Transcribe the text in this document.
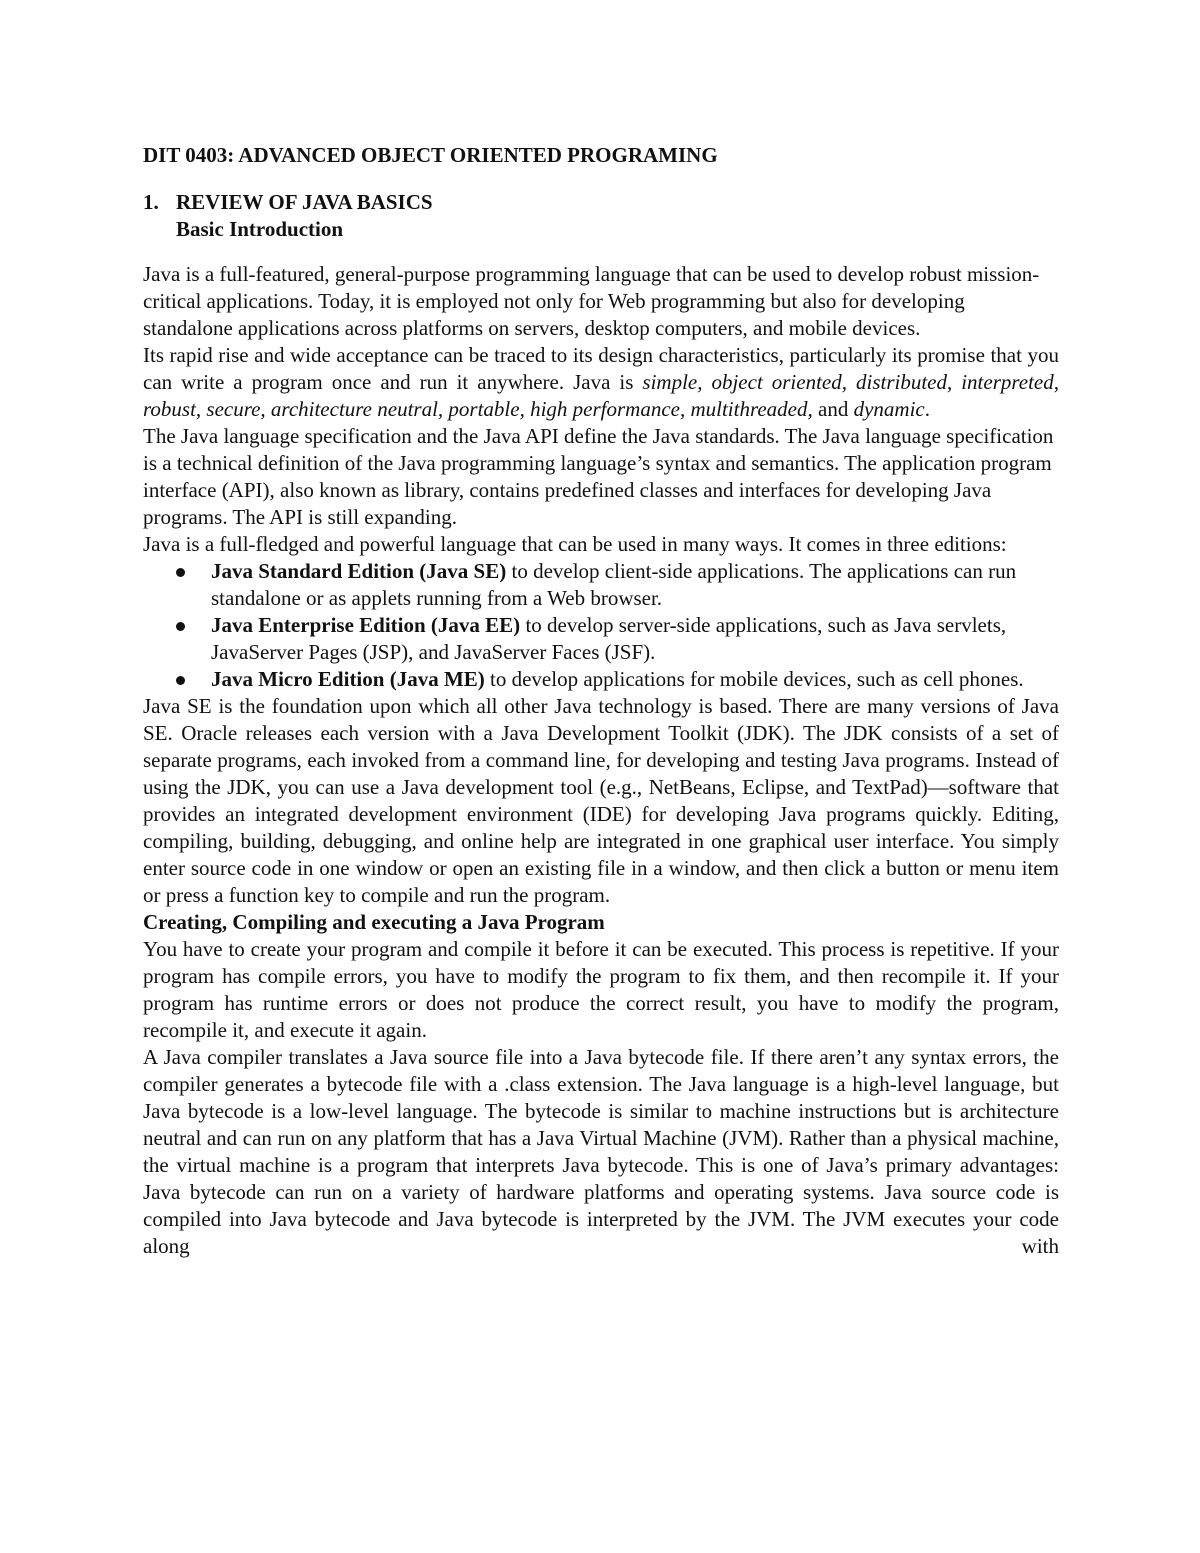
DIT 0403: ADVANCED OBJECT ORIENTED PROGRAMING

1. REVIEW OF JAVA BASICS

Basic Introduction

Java is a full-featured, general-purpose programming language that can be used to develop robust mission-critical applications. Today, it is employed not only for Web programming but also for developing standalone applications across platforms on servers, desktop computers, and mobile devices.

Its rapid rise and wide acceptance can be traced to its design characteristics, particularly its promise that you can write a program once and run it anywhere. Java is simple, object oriented, distributed, interpreted, robust, secure, architecture neutral, portable, high performance, multithreaded, and dynamic.

The Java language specification and the Java API define the Java standards. The Java language specification is a technical definition of the Java programming language’s syntax and semantics. The application program interface (API), also known as library, contains predefined classes and interfaces for developing Java programs. The API is still expanding.

Java is a full-fledged and powerful language that can be used in many ways. It comes in three editions:

Java Standard Edition (Java SE) to develop client-side applications. The applications can run standalone or as applets running from a Web browser.
Java Enterprise Edition (Java EE) to develop server-side applications, such as Java servlets, JavaServer Pages (JSP), and JavaServer Faces (JSF).
Java Micro Edition (Java ME) to develop applications for mobile devices, such as cell phones.

Java SE is the foundation upon which all other Java technology is based. There are many versions of Java SE. Oracle releases each version with a Java Development Toolkit (JDK). The JDK consists of a set of separate programs, each invoked from a command line, for developing and testing Java programs. Instead of using the JDK, you can use a Java development tool (e.g., NetBeans, Eclipse, and TextPad)—software that provides an integrated development environment (IDE) for developing Java programs quickly. Editing, compiling, building, debugging, and online help are integrated in one graphical user interface. You simply enter source code in one window or open an existing file in a window, and then click a button or menu item or press a function key to compile and run the program.

Creating, Compiling and executing a Java Program

You have to create your program and compile it before it can be executed. This process is repetitive. If your program has compile errors, you have to modify the program to fix them, and then recompile it. If your program has runtime errors or does not produce the correct result, you have to modify the program, recompile it, and execute it again.

A Java compiler translates a Java source file into a Java bytecode file. If there aren’t any syntax errors, the compiler generates a bytecode file with a .class extension. The Java language is a high-level language, but Java bytecode is a low-level language. The bytecode is similar to machine instructions but is architecture neutral and can run on any platform that has a Java Virtual Machine (JVM). Rather than a physical machine, the virtual machine is a program that interprets Java bytecode. This is one of Java’s primary advantages: Java bytecode can run on a variety of hardware platforms and operating systems. Java source code is compiled into Java bytecode and Java bytecode is interpreted by the JVM. The JVM executes your code along with
